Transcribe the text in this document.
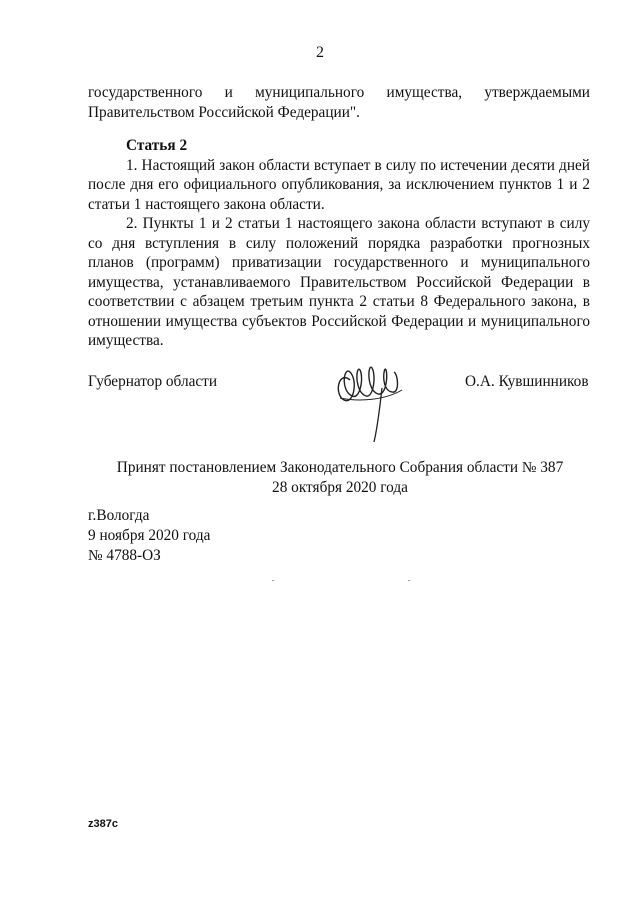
2

государственного и муниципального имущества, утверждаемыми

Правительством Российской Федерации".

Статья 2

1. Настоящий закон области вступает в силу по истечении десяти дней после дня его официального опубликования, за исключением пунктов 1 и 2 статьи 1 настоящего закона области.

2. Пункты 1 и 2 статьи 1 настоящего закона области вступают в силу со дня вступления в силу положений порядка разработки прогнозных планов (программ) приватизации государственного и муниципального имущества, устанавливаемого Правительством Российской Федерации в соответствии с абзацем третьим пункта 2 статьи 8 Федерального закона, в отношении имущества субъектов Российской Федерации и муниципального имущества.

Губернатор области	О.А. Кувшинников
Принят постановлением Законодательного Собрания области № 387
28 октября 2020 года
г.Вологда
9 ноября 2020 года
№ 4788-ОЗ
z387c
